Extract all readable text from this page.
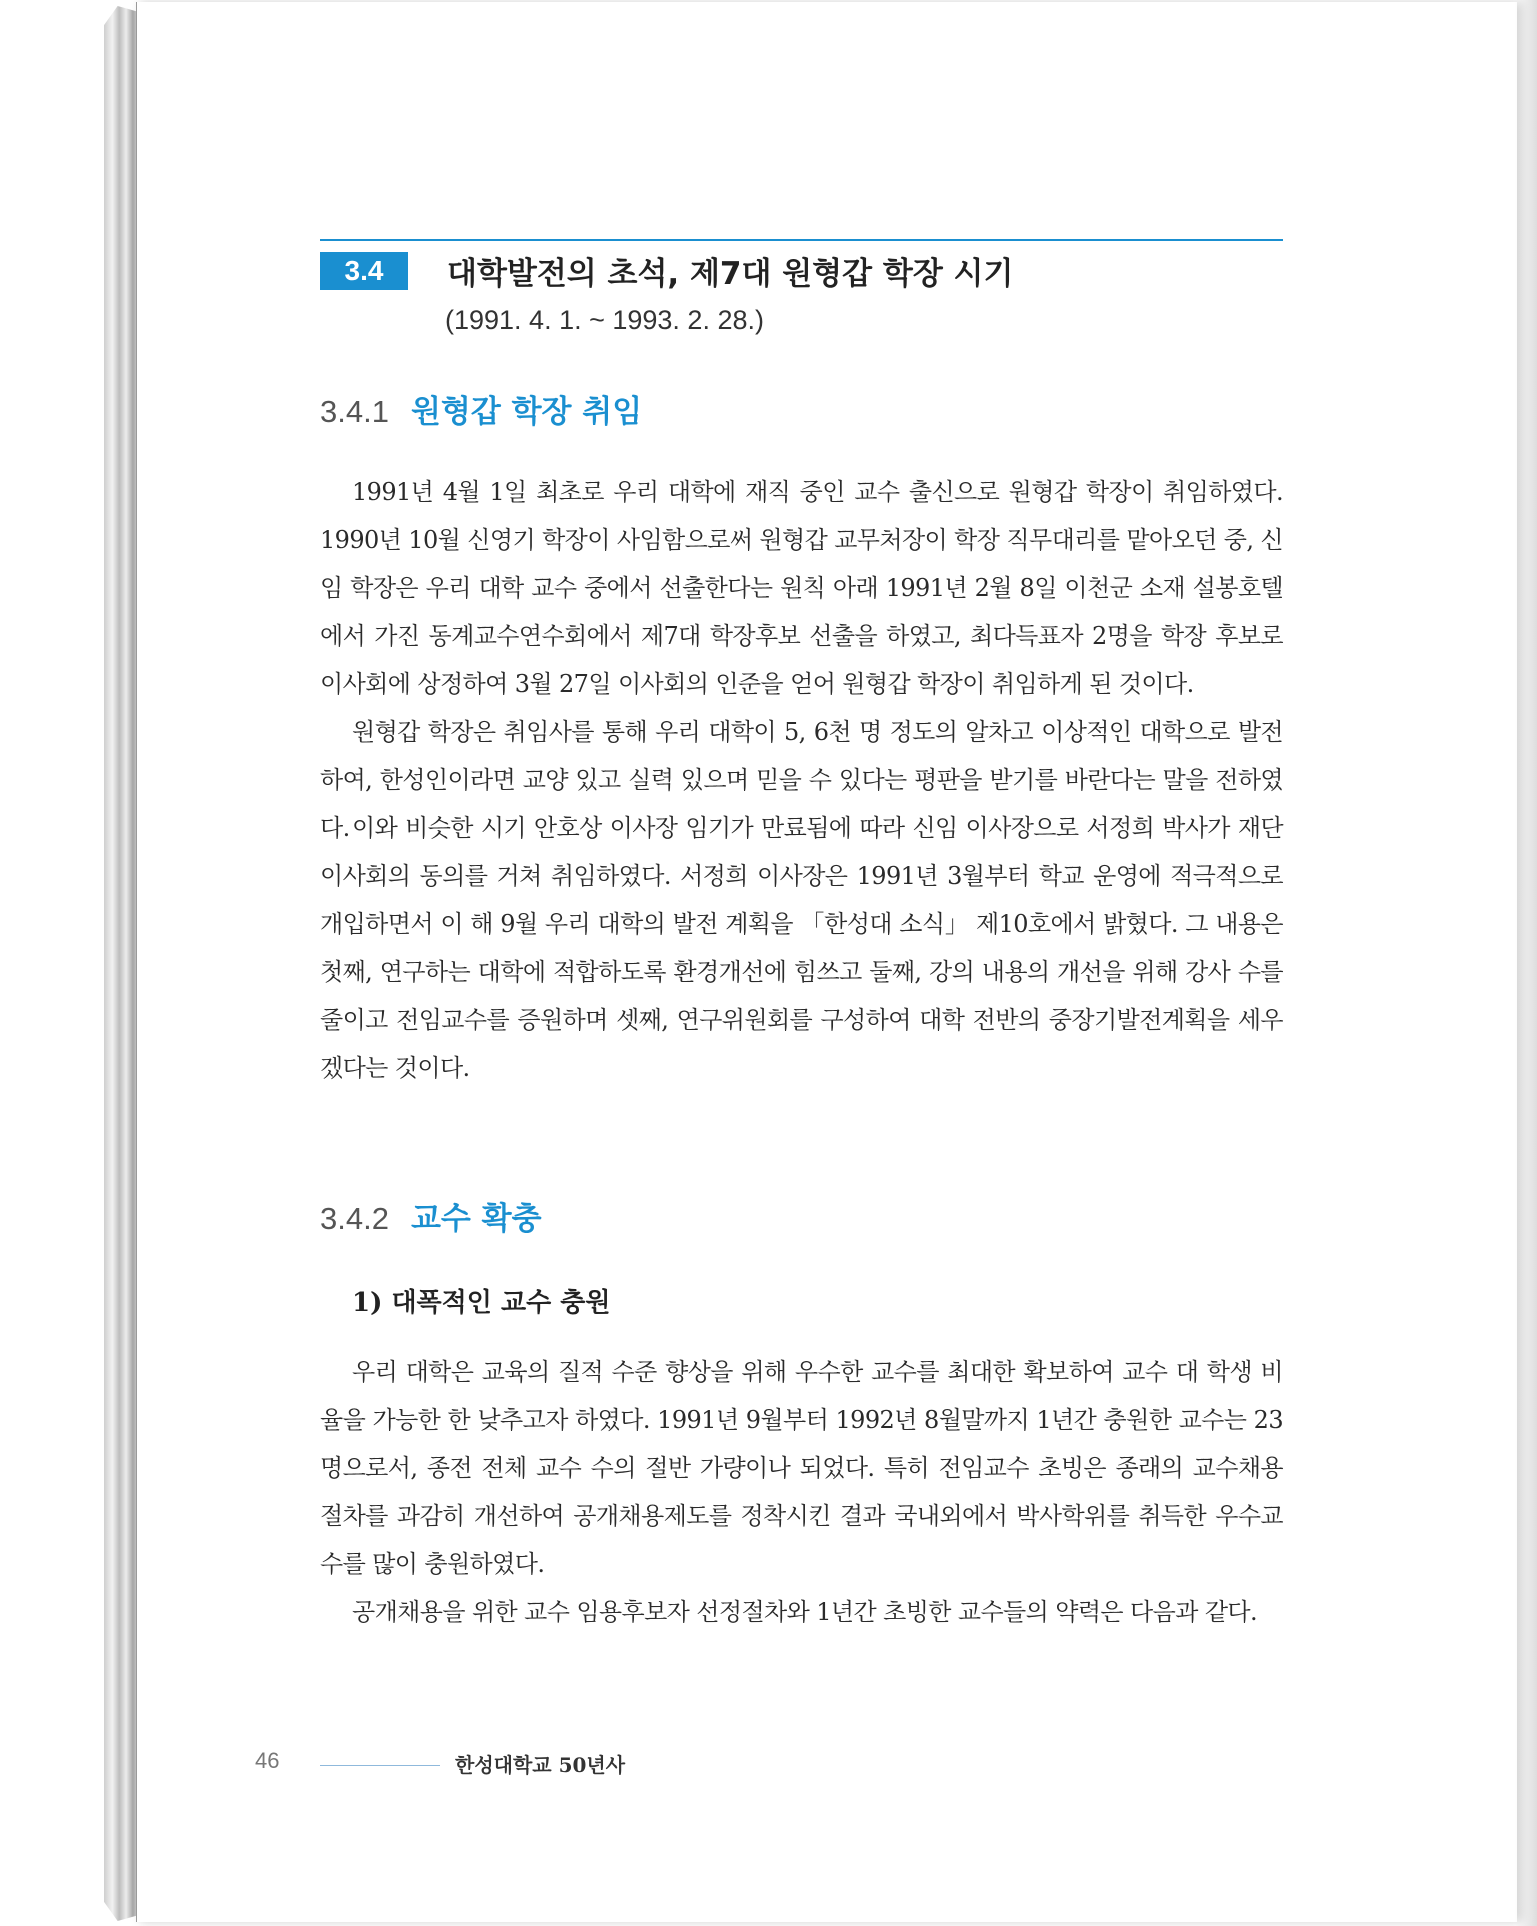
3.4	대학발전의 초석, 제7대 원형갑 학장 시기
(1991. 4. 1. ~ 1993. 2. 28.)
3.4.1 원형갑 학장 취임

1991년 4월 1일 최초로 우리 대학에 재직 중인 교수 출신으로 원형갑 학장이 취임하였다. 1990년 10월 신영기 학장이 사임함으로써 원형갑 교무처장이 학장 직무대리를 맡아오던 중, 신임 학장은 우리 대학 교수 중에서 선출한다는 원칙 아래 1991년 2월 8일 이천군 소재 설봉호텔에서 가진 동계교수연수회에서 제7대 학장후보 선출을 하였고, 최다득표자 2명을 학장 후보로 이사회에 상정하여 3월 27일 이사회의 인준을 얻어 원형갑 학장이 취임하게 된 것이다.

원형갑 학장은 취임사를 통해 우리 대학이 5, 6천 명 정도의 알차고 이상적인 대학으로 발전하여, 한성인이라면 교양 있고 실력 있으며 믿을 수 있다는 평판을 받기를 바란다는 말을 전하였다. 이와 비슷한 시기 안호상 이사장 임기가 만료됨에 따라 신임 이사장으로 서정희 박사가 재단 이사회의 동의를 거쳐 취임하였다. 서정희 이사장은 1991년 3월부터 학교 운영에 적극적으로 개입하면서 이 해 9월 우리 대학의 발전 계획을 「한성대 소식」 제10호에서 밝혔다. 그 내용은 첫째, 연구하는 대학에 적합하도록 환경개선에 힘쓰고 둘째, 강의 내용의 개선을 위해 강사 수를 줄이고 전임교수를 증원하며 셋째, 연구위원회를 구성하여 대학 전반의 중장기발전계획을 세우겠다는 것이다.

3.4.2 교수 확충
1) 대폭적인 교수 충원

우리 대학은 교육의 질적 수준 향상을 위해 우수한 교수를 최대한 확보하여 교수 대 학생 비율을 가능한 한 낮추고자 하였다. 1991년 9월부터 1992년 8월말까지 1년간 충원한 교수는 23명으로서, 종전 전체 교수 수의 절반 가량이나 되었다. 특히 전임교수 초빙은 종래의 교수채용 절차를 과감히 개선하여 공개채용제도를 정착시킨 결과 국내외에서 박사학위를 취득한 우수교수를 많이 충원하였다.

공개채용을 위한 교수 임용후보자 선정절차와 1년간 초빙한 교수들의 약력은 다음과 같다.

46	한성대학교 50년사
